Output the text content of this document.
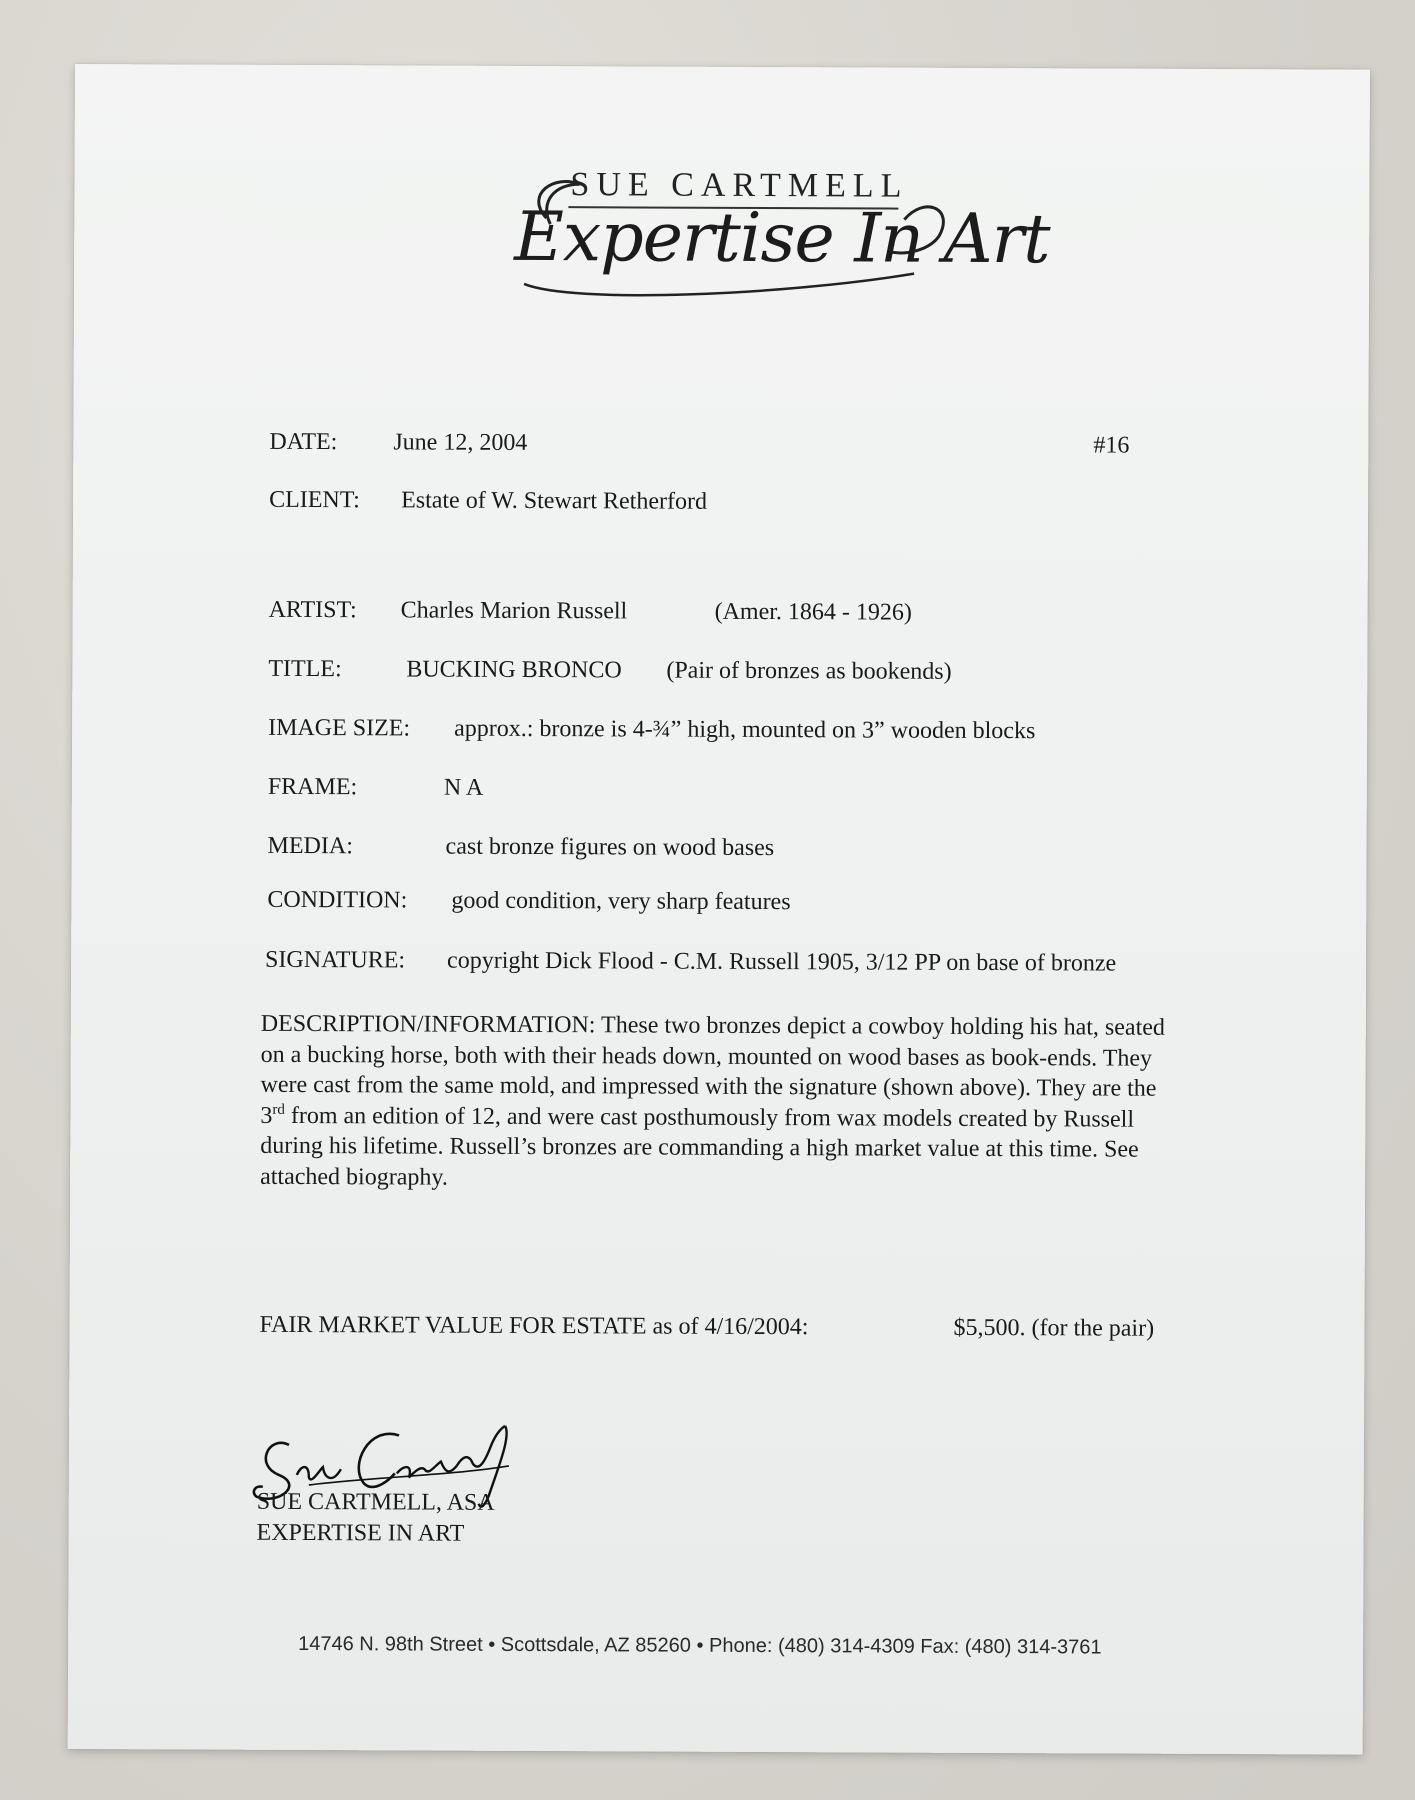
SUE CARTMELL
Expertise In Art
DATE: June 12, 2004	#16
CLIENT: Estate of W. Stewart Retherford
ARTIST: Charles Marion Russell	(Amer. 1864 - 1926)
TITLE:	BUCKING BRONCO (Pair of bronzes as bookends)
IMAGE SIZE: approx.: bronze is 4-¾” high, mounted on 3” wooden blocks
FRAME:	N A
MEDIA:	cast bronze figures on wood bases
CONDITION: good condition, very sharp features
SIGNATURE: copyright Dick Flood - C.M. Russell 1905, 3/12 PP on base of bronze
DESCRIPTION/INFORMATION: These two bronzes depict a cowboy holding his hat, seated on a bucking horse, both with their heads down, mounted on wood bases as book-ends. They were cast from the same mold, and impressed with the signature (shown above). They are the 3rd from an edition of 12, and were cast posthumously from wax models created by Russell during his lifetime. Russell’s bronzes are commanding a high market value at this time. See attached biography.
FAIR MARKET VALUE FOR ESTATE as of 4/16/2004:	$5,500. (for the pair)
SUE CARTMELL, ASA
EXPERTISE IN ART
14746 N. 98th Street • Scottsdale, AZ 85260 • Phone: (480) 314-4309 Fax: (480) 314-3761
